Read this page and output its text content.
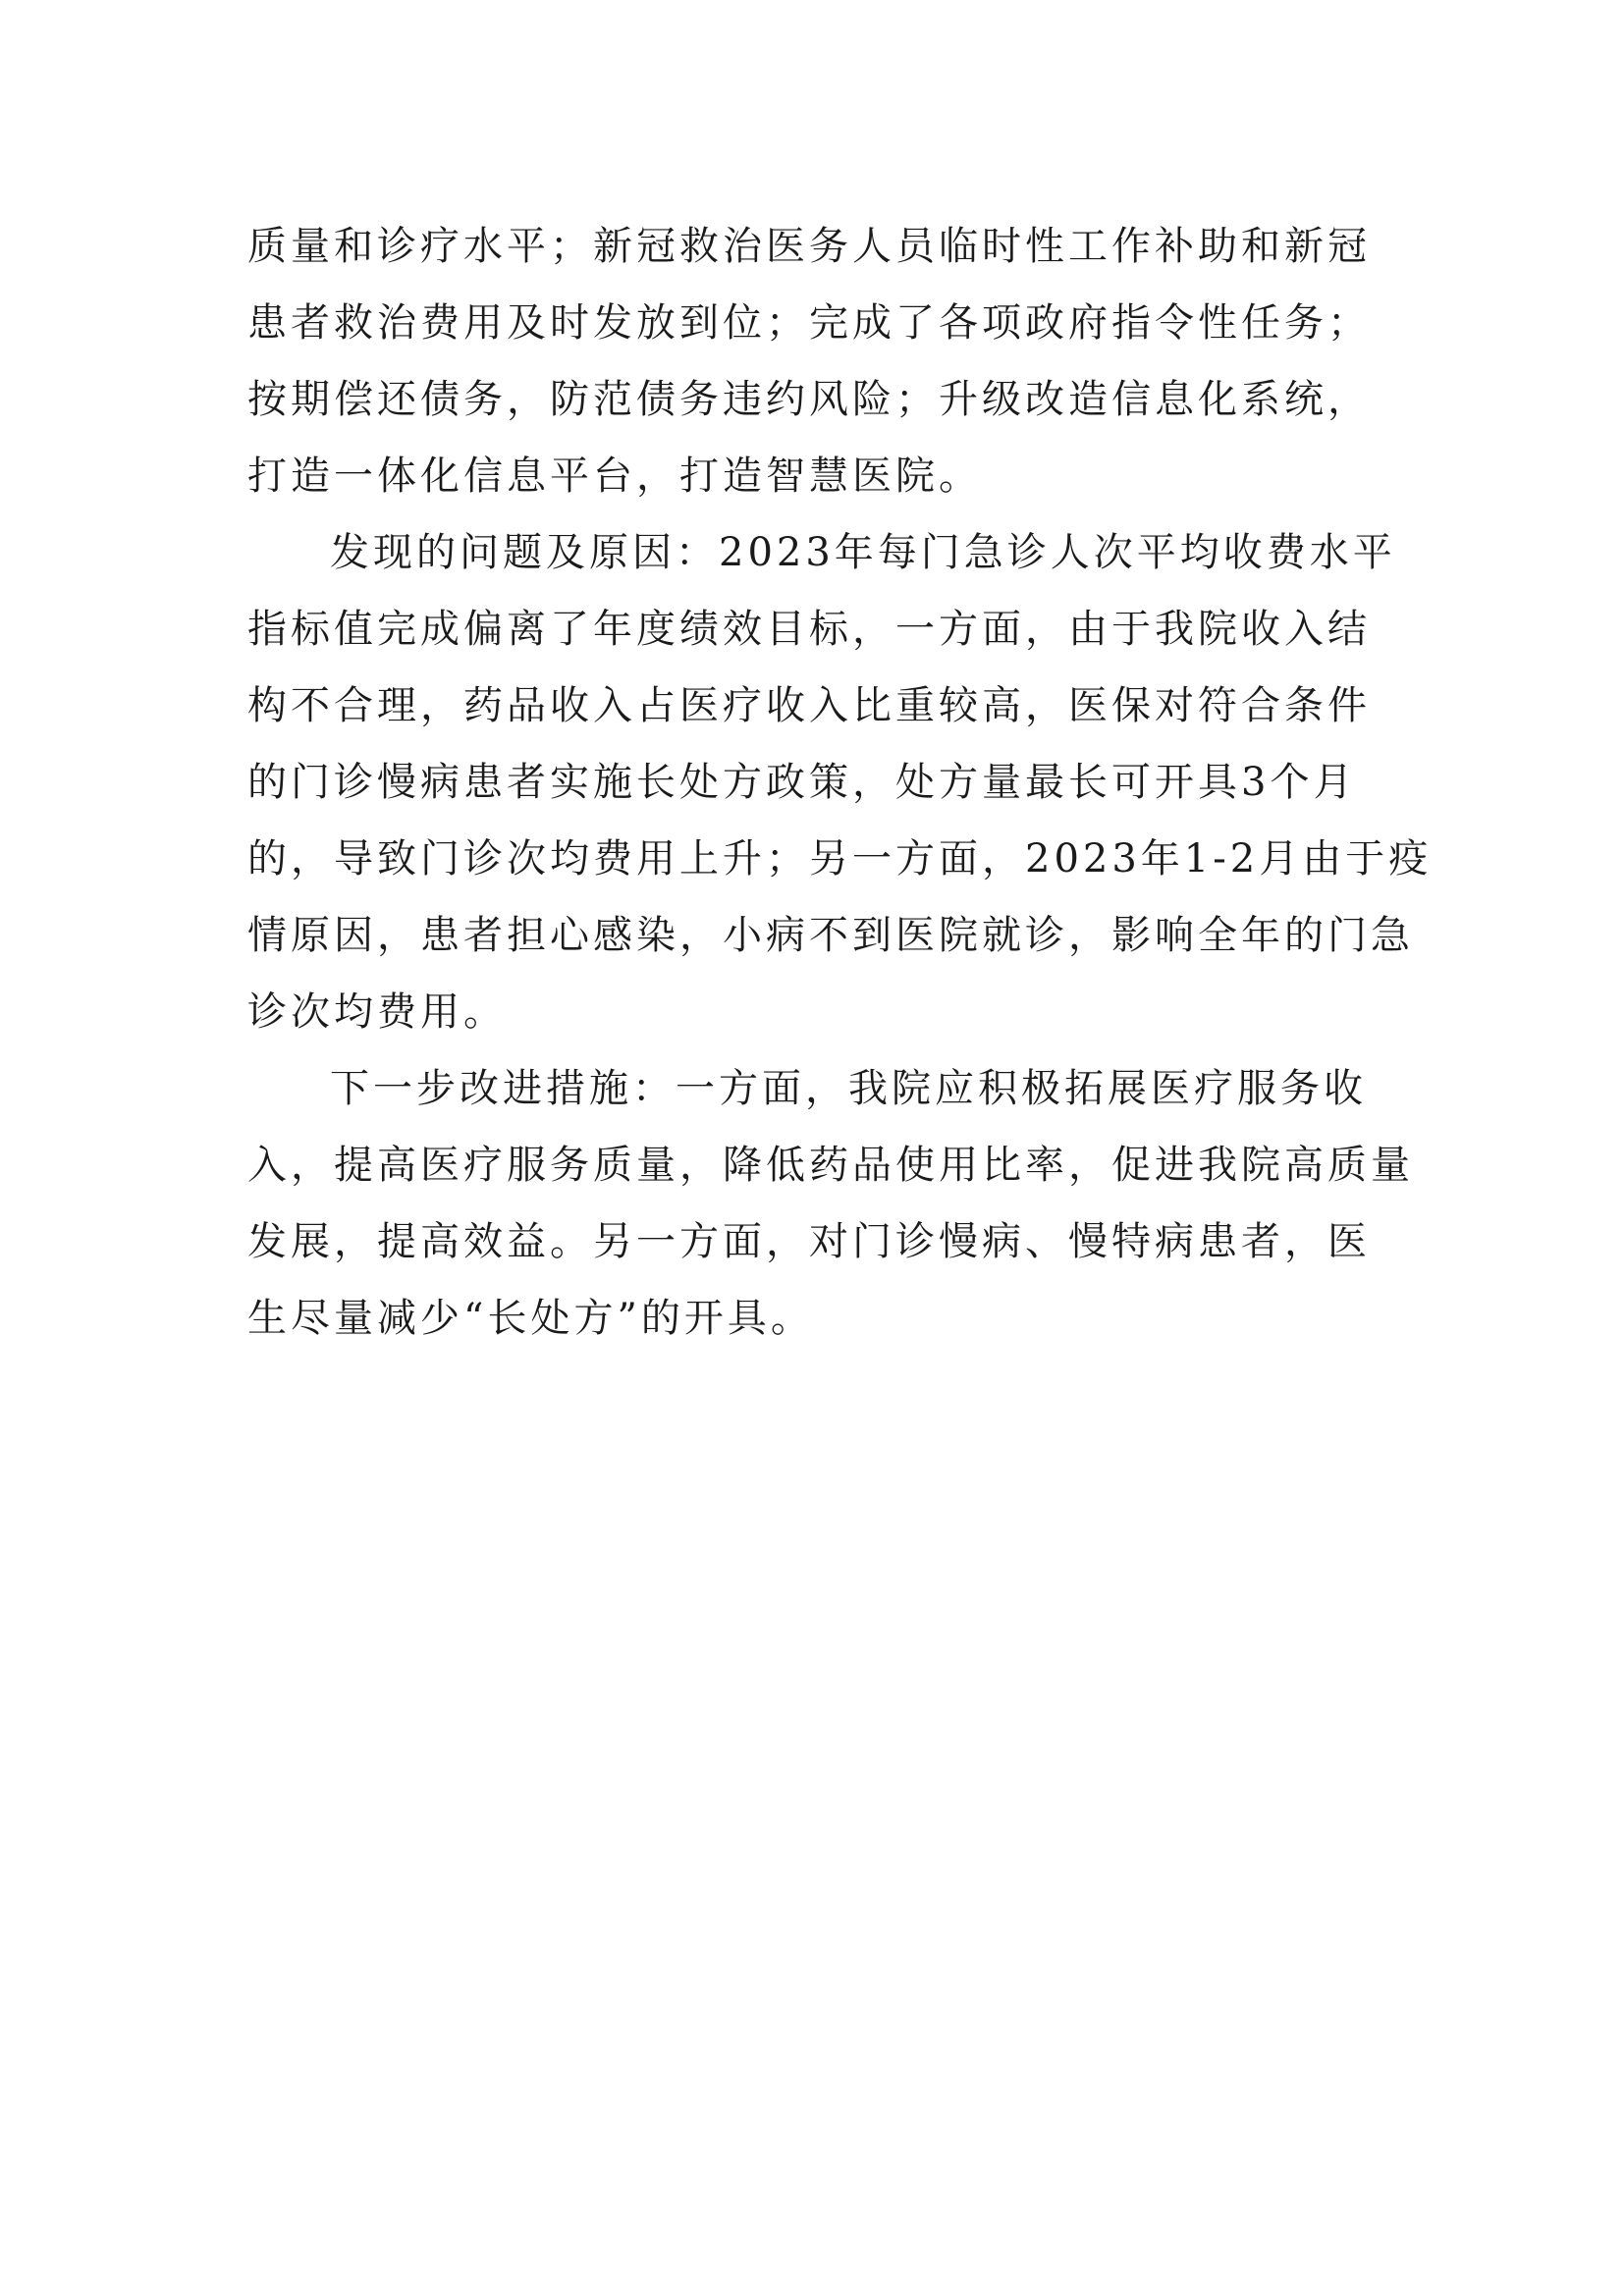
质量和诊疗水平；新冠救治医务人员临时性工作补助和新冠
患者救治费用及时发放到位；完成了各项政府指令性任务；
按期偿还债务，防范债务违约风险；升级改造信息化系统，
打造一体化信息平台，打造智慧医院。
发现的问题及原因：2023年每门急诊人次平均收费水平
指标值完成偏离了年度绩效目标，一方面，由于我院收入结
构不合理，药品收入占医疗收入比重较高，医保对符合条件
的门诊慢病患者实施长处方政策，处方量最长可开具3个月
的，导致门诊次均费用上升；另一方面，2023年1-2月由于疫
情原因，患者担心感染，小病不到医院就诊，影响全年的门急
诊次均费用。
下一步改进措施：一方面，我院应积极拓展医疗服务收
入，提高医疗服务质量，降低药品使用比率，促进我院高质量
发展，提高效益。另一方面，对门诊慢病、慢特病患者，医
生尽量减少“长处方”的开具。
